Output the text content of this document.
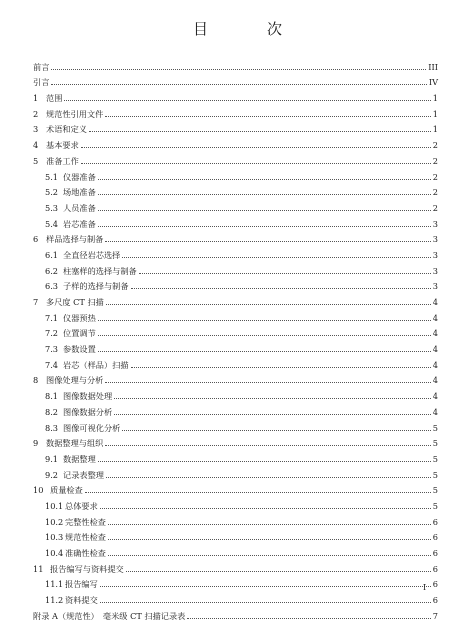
目　次
前言	III
引言	IV
1 范围	1
2 规范性引用文件	1
3 术语和定义	1
4 基本要求	2
5 准备工作	2
5.1 仪器准备	2
5.2 场地准备	2
5.3 人员准备	2
5.4 岩芯准备	3
6 样品选择与制备	3
6.1 全直径岩芯选择	3
6.2 柱塞样的选择与制备	3
6.3 子样的选择与制备	3
7 多尺度 CT 扫描	4
7.1 仪器预热	4
7.2 位置调节	4
7.3 参数设置	4
7.4 岩芯（样品）扫描	4
8 图像处理与分析	4
8.1 图像数据处理	4
8.2 图像数据分析	4
8.3 图像可视化分析	5
9 数据整理与组织	5
9.1 数据整理	5
9.2 记录表整理	5
10 质量检查	5
10.1 总体要求	5
10.2 完整性检查	6
10.3 规范性检查	6
10.4 准确性检查	6
11 报告编写与资料提交	6
11.1 报告编写	6
11.2 资料提交	6
附录 A（规范性）　毫米级 CT 扫描记录表	7
I
